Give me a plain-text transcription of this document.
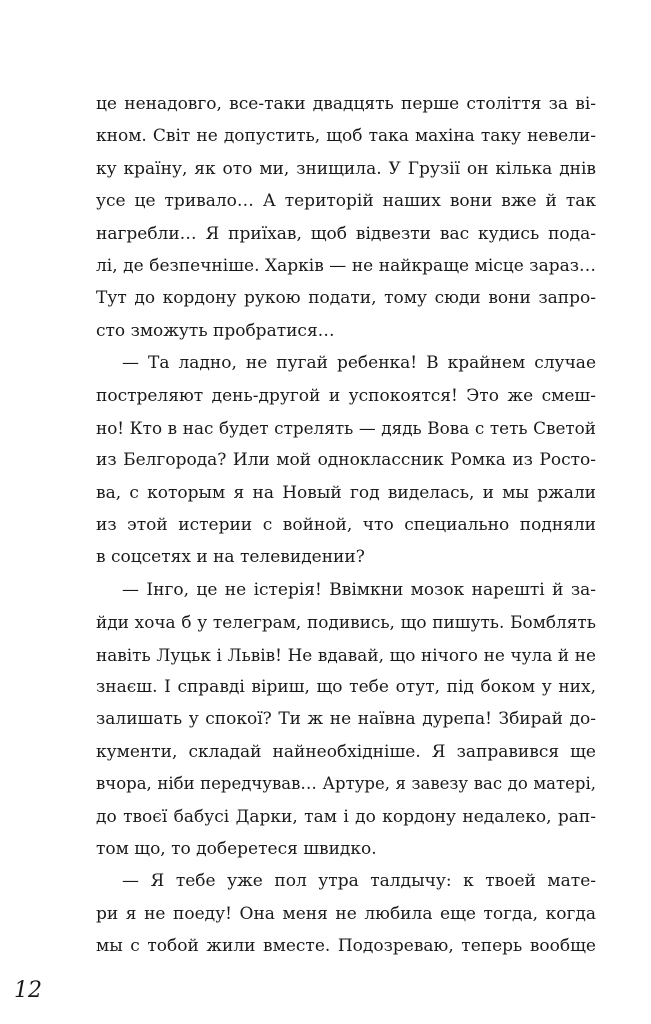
це ненадовго, все-таки двадцять перше століття за ві-
кном. Світ не допустить, щоб така махіна таку невели-
ку країну, як ото ми, знищила. У Грузії он кілька днів
усе це тривало… А територій наших вони вже й так
нагребли… Я приїхав, щоб відвезти вас кудись пода-
лі, де безпечніше. Харків — не найкраще місце зараз…
Тут до кордону рукою подати, тому сюди вони запро-
сто зможуть пробратися…
— Та ладно, не пугай ребенка! В крайнем случае
постреляют день-другой и успокоятся! Это же смеш-
но! Кто в нас будет стрелять — дядь Вова с теть Светой
из Белгорода? Или мой одноклассник Ромка из Росто-
ва, с которым я на Новый год виделась, и мы ржали
из этой истерии с войной, что специально подняли
в соцсетях и на телевидении?
— Інго, це не істерія! Ввімкни мозок нарешті й за-
йди хоча б у телеграм, подивись, що пишуть. Бомблять
навіть Луцьк і Львів! Не вдавай, що нічого не чула й не
знаєш. І справді віриш, що тебе отут, під боком у них,
залишать у спокої? Ти ж не наївна дурепа! Збирай до-
кументи, складай найнеобхідніше. Я заправився ще
вчора, ніби передчував… Артуре, я завезу вас до матері,
до твоєї бабусі Дарки, там і до кордону недалеко, рап-
том що, то доберетеся швидко.
— Я тебе уже пол утра талдычу: к твоей мате-
ри я не поеду! Она меня не любила еще тогда, когда
мы с тобой жили вместе. Подозреваю, теперь вообще
12
